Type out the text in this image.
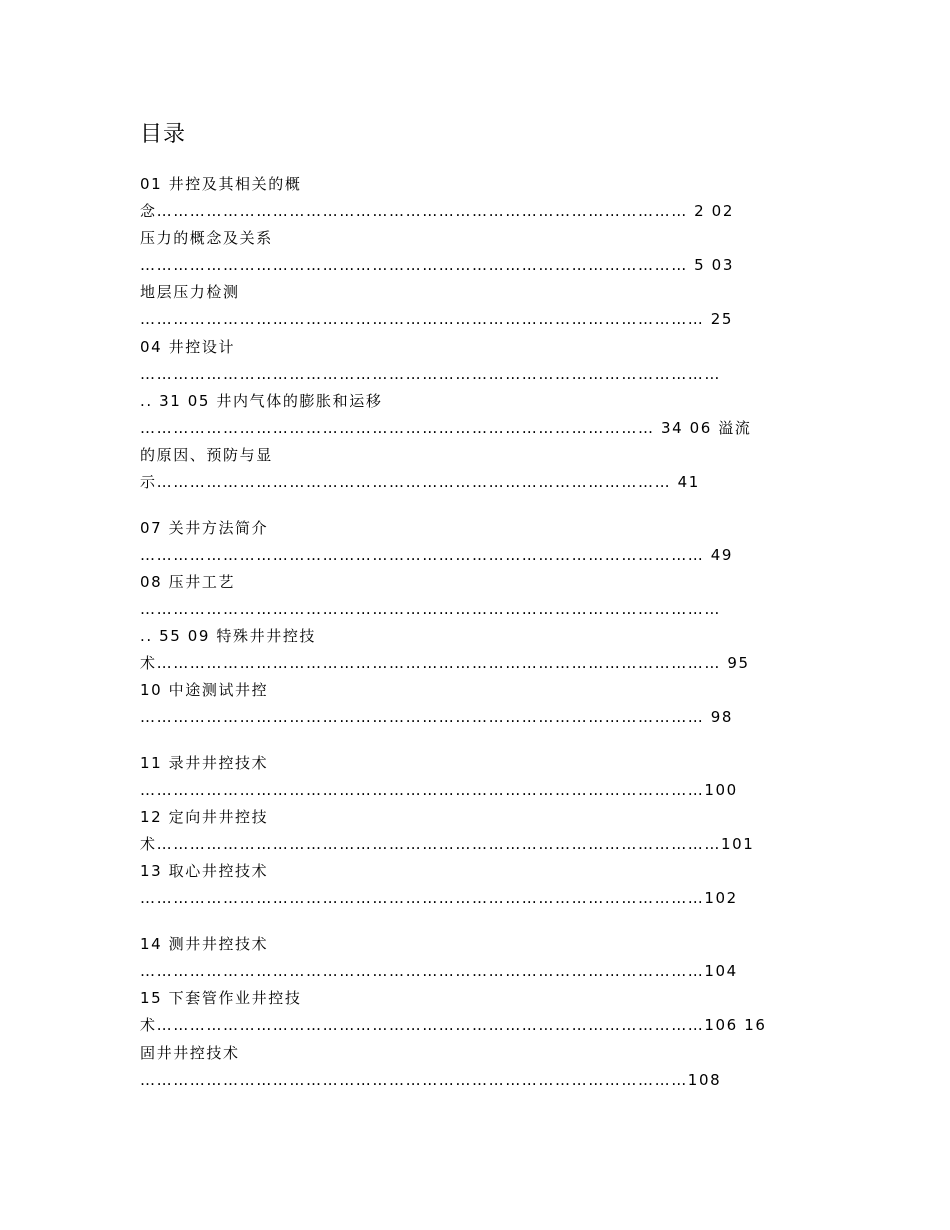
目录
01 井控及其相关的概
念…………………………………………………………………………………… 2 02
压力的概念及关系
……………………………………………………………………………………… 5 03
地层压力检测
………………………………………………………………………………………… 25
04 井控设计
……………………………………………………………………………………………
.. 31 05 井内气体的膨胀和运移
………………………………………………………………………………… 34 06 溢流
的原因、预防与显
示………………………………………………………………………………… 41
07 关井方法简介
………………………………………………………………………………………… 49
08 压井工艺
……………………………………………………………………………………………
.. 55 09 特殊井井控技
术………………………………………………………………………………………… 95
10 中途测试井控
………………………………………………………………………………………… 98
11 录井井控技术
…………………………………………………………………………………………100
12 定向井井控技
术…………………………………………………………………………………………101
13 取心井控技术
…………………………………………………………………………………………102
14 测井井控技术
…………………………………………………………………………………………104
15 下套管作业井控技
术………………………………………………………………………………………106 16
固井井控技术
………………………………………………………………………………………108
